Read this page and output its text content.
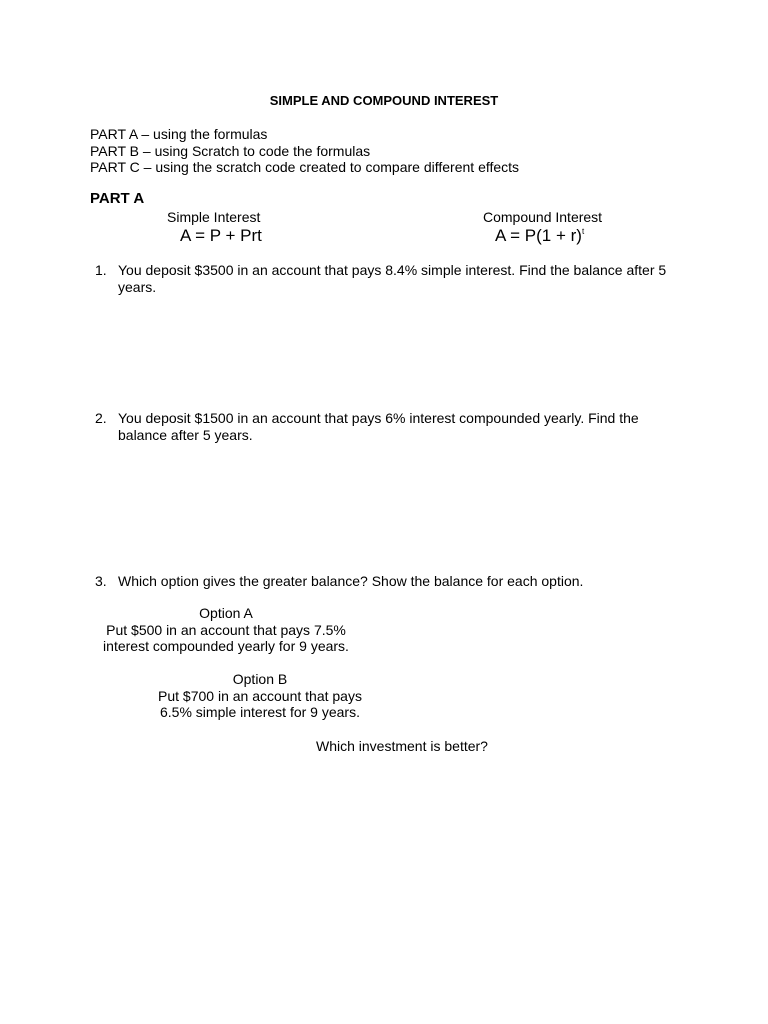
SIMPLE AND COMPOUND INTEREST
PART A – using the formulas
PART B – using Scratch to code the formulas
PART C – using the scratch code created to compare different effects
PART A
Simple Interest
A = P + Prt
Compound Interest
$A = P(1 + r)^t$
1. You deposit $3500 in an account that pays 8.4% simple interest. Find the balance after 5 years.
2. You deposit $1500 in an account that pays 6% interest compounded yearly. Find the balance after 5 years.
3. Which option gives the greater balance? Show the balance for each option.
Option A
Put $500 in an account that pays 7.5%
interest compounded yearly for 9 years.
Option B
Put $700 in an account that pays
6.5% simple interest for 9 years.
Which investment is better?
